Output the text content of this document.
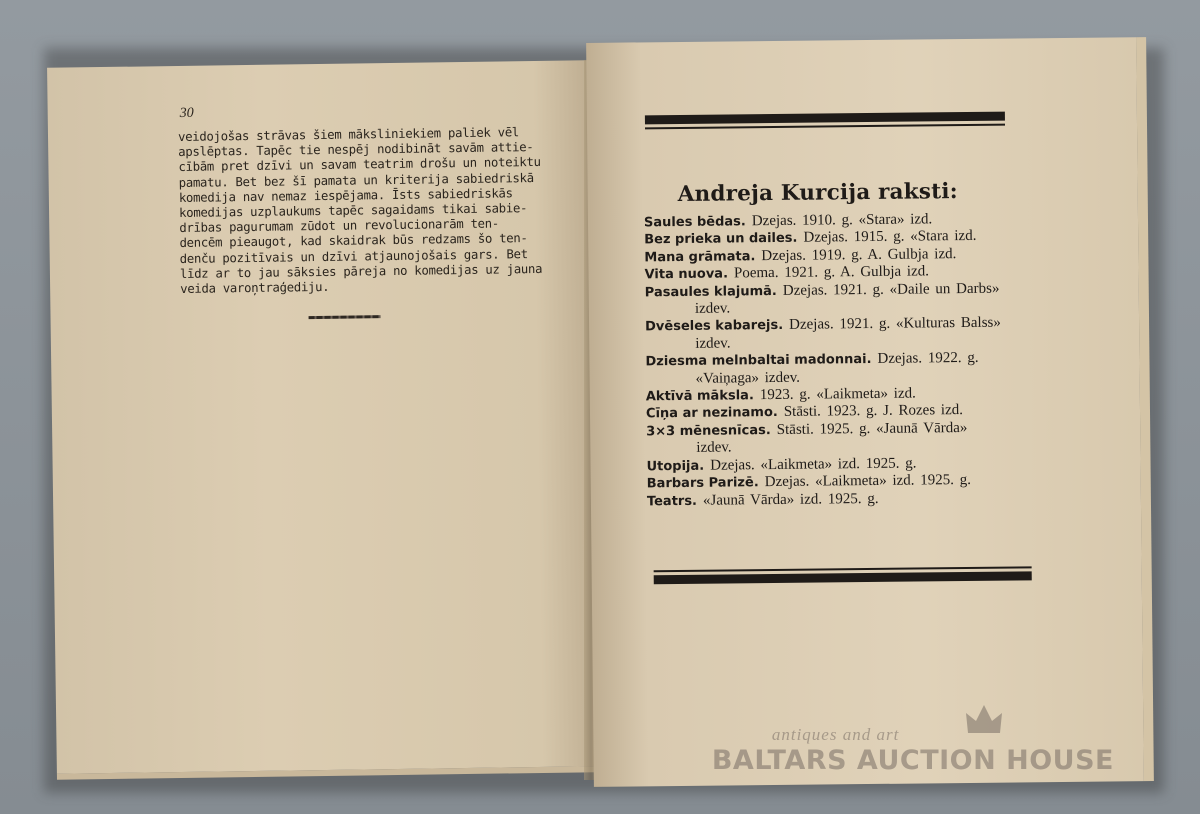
30
veidojošas strāvas šiem māksliniekiem paliek vēl
apslēptas. Tapēc tie nespēj nodibināt savām attie-
cībām pret dzīvi un savam teatrim drošu un noteiktu
pamatu. Bet bez šī pamata un kriterija sabiedriskā
komedija nav nemaz iespējama. Īsts sabiedriskās
komedijas uzplaukums tapēc sagaidams tikai sabie-
drības pagurumam zūdot un revolucionarām ten-
dencēm pieaugot, kad skaidrak būs redzams šo ten-
denču pozitīvais un dzīvi atjaunojošais gars. Bet
līdz ar to jau sāksies pāreja no komedijas uz jauna
veida varoņtraģediju.
Andreja Kurcija raksti:
Saules bēdas. Dzejas. 1910. g. «Stara» izd.
Bez prieka un dailes. Dzejas. 1915. g. «Stara izd.
Mana grāmata. Dzejas. 1919. g. A. Gulbja izd.
Vita nuova. Poema. 1921. g. A. Gulbja izd.
Pasaules klajumā. Dzejas. 1921. g. «Daile un Darbs»
izdev.
Dvēseles kabarejs. Dzejas. 1921. g. «Kulturas Balss»
izdev.
Dziesma melnbaltai madonnai. Dzejas. 1922. g.
«Vaiņaga» izdev.
Aktīvā māksla. 1923. g. «Laikmeta» izd.
Cīņa ar nezinamo. Stāsti. 1923. g. J. Rozes izd.
3×3 mēnesnīcas. Stāsti. 1925. g. «Jaunā Vārda»
izdev.
Utopija. Dzejas. «Laikmeta» izd. 1925. g.
Barbars Parizē. Dzejas. «Laikmeta» izd. 1925. g.
Teatrs. «Jaunā Vārda» izd. 1925. g.
antiques and art
BALTARS AUCTION HOUSE
